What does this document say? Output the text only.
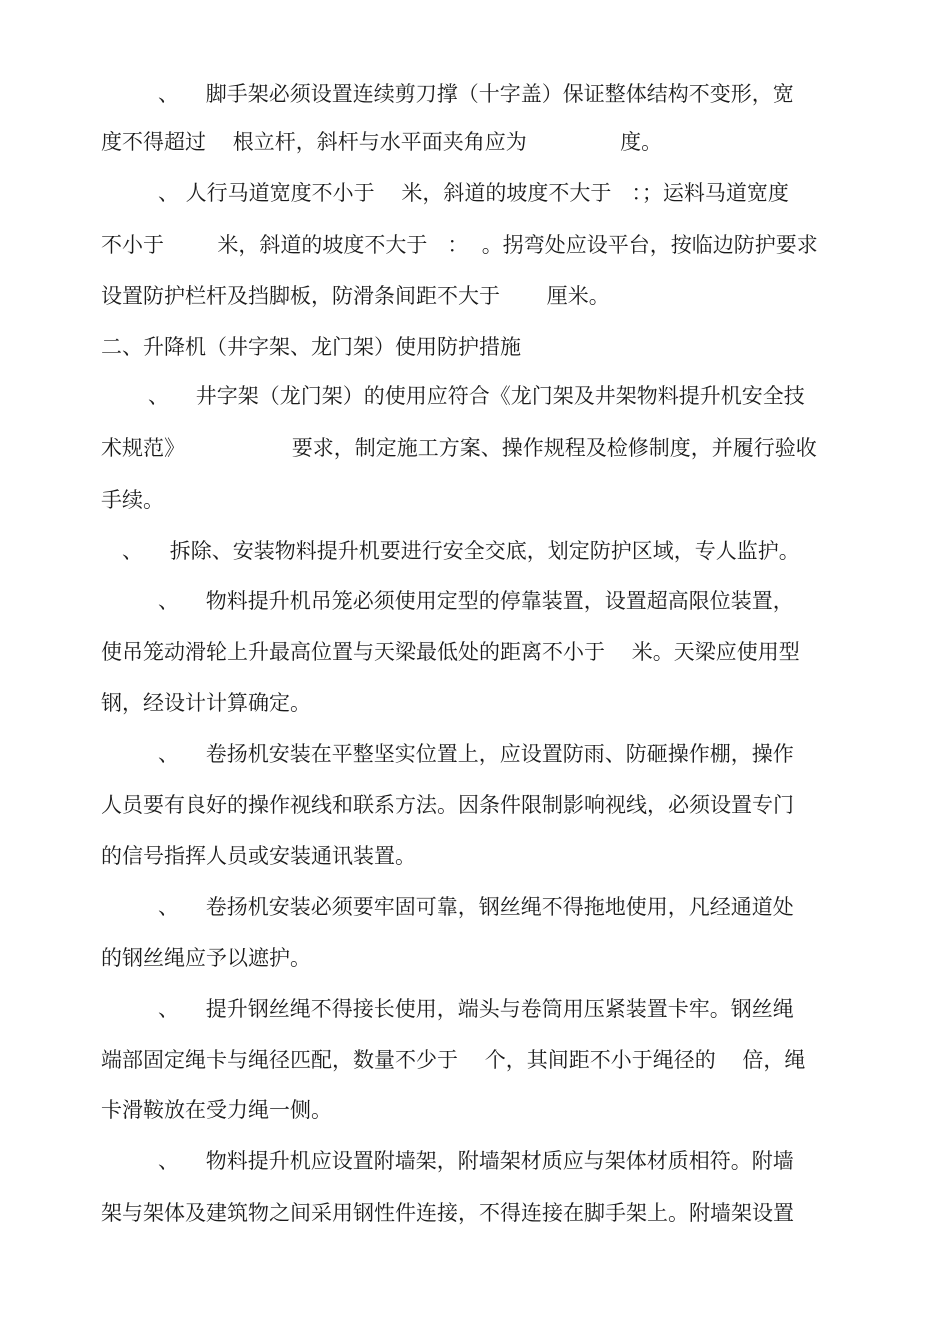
、    脚手架必须设置连续剪刀撑（十字盖）保证整体结构不变形，宽
度不得超过    根立杆，斜杆与水平面夹角应为              度。
、 人行马道宽度不小于    米，斜道的坡度不大于   ：；运料马道宽度
不小于        米，斜道的坡度不大于   ：  。拐弯处应设平台，按临边防护要求
设置防护栏杆及挡脚板，防滑条间距不大于       厘米。
二、升降机（井字架、龙门架）使用防护措施
、    井字架（龙门架）的使用应符合《龙门架及井架物料提升机安全技
术规范》                要求，制定施工方案、操作规程及检修制度，并履行验收
手续。
、    拆除、安装物料提升机要进行安全交底，划定防护区域，专人监护。
、    物料提升机吊笼必须使用定型的停靠装置，设置超高限位装置，
使吊笼动滑轮上升最高位置与天梁最低处的距离不小于    米。天梁应使用型
钢，经设计计算确定。
、    卷扬机安装在平整坚实位置上，应设置防雨、防砸操作棚，操作
人员要有良好的操作视线和联系方法。因条件限制影响视线，必须设置专门
的信号指挥人员或安装通讯装置。
、    卷扬机安装必须要牢固可靠，钢丝绳不得拖地使用，凡经通道处
的钢丝绳应予以遮护。
、    提升钢丝绳不得接长使用，端头与卷筒用压紧装置卡牢。钢丝绳
端部固定绳卡与绳径匹配，数量不少于    个，其间距不小于绳径的    倍，绳
卡滑鞍放在受力绳一侧。
、    物料提升机应设置附墙架，附墙架材质应与架体材质相符。附墙
架与架体及建筑物之间采用钢性件连接，不得连接在脚手架上。附墙架设置
